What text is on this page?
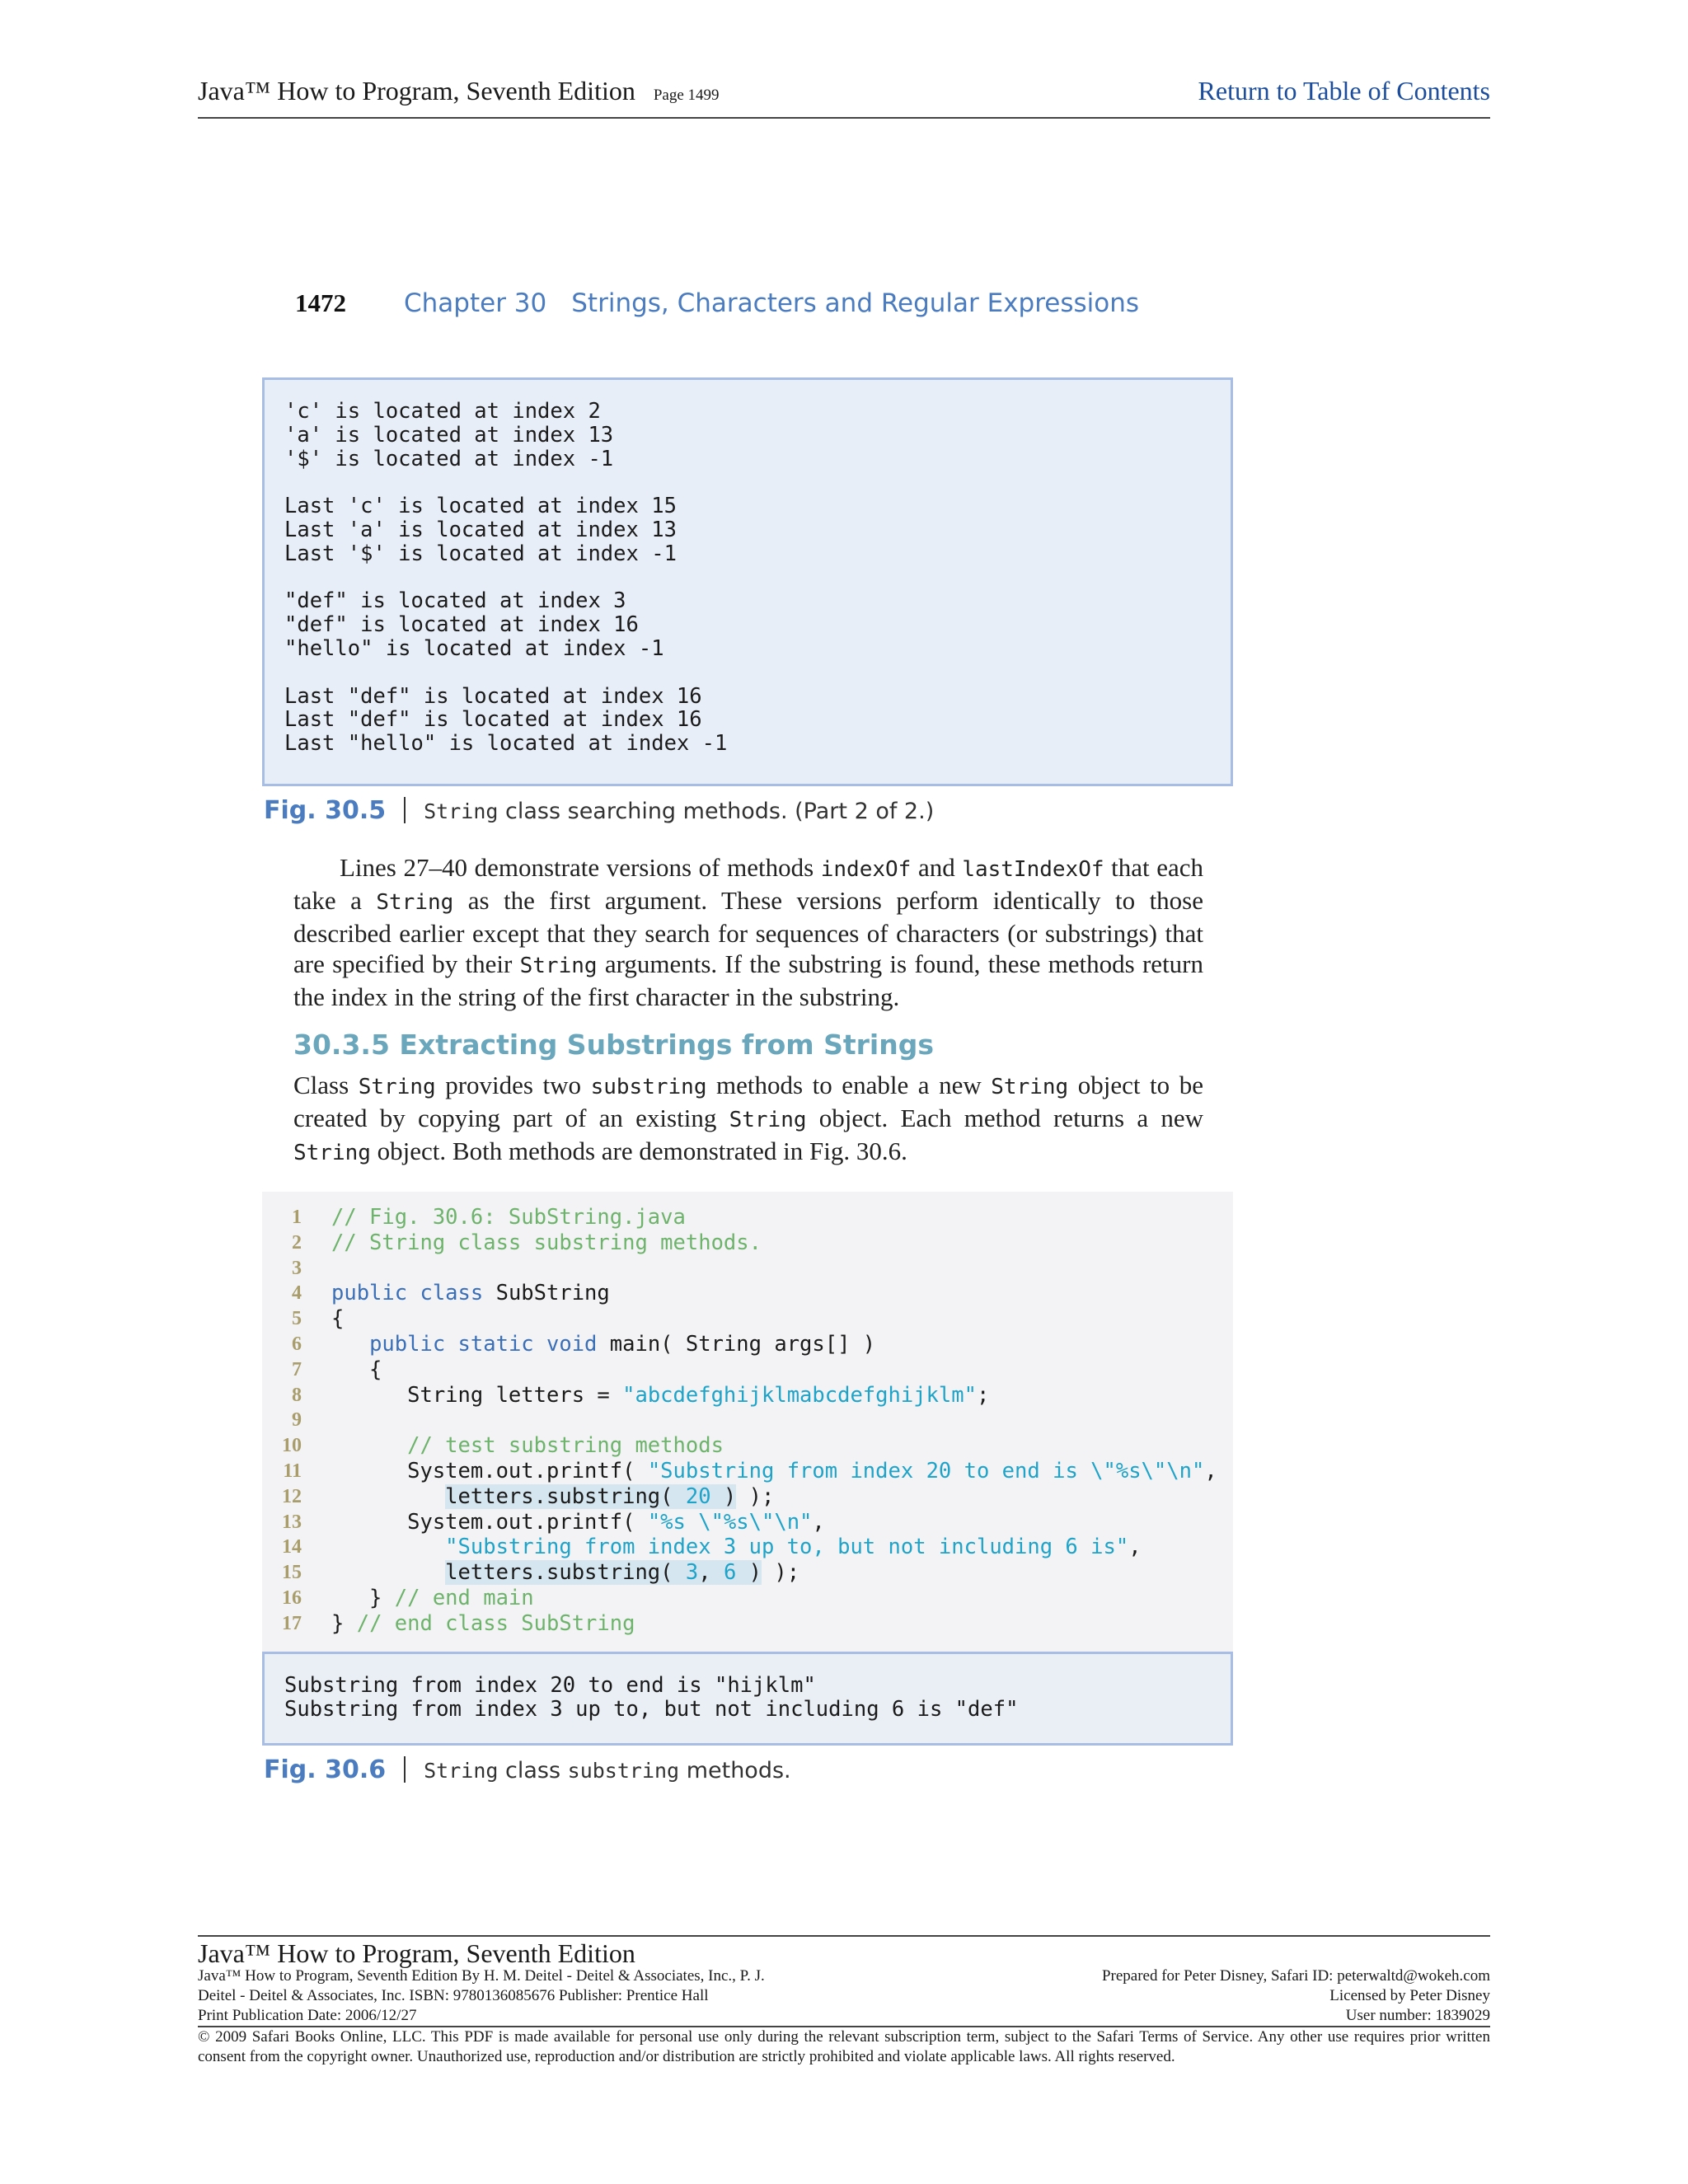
Java™ How to Program, Seventh Edition Page 1499	Return to Table of Contents
1472 Chapter 30 Strings, Characters and Regular Expressions
'c' is located at index 2
'a' is located at index 13
'$' is located at index -1
Last 'c' is located at index 15
Last 'a' is located at index 13
Last '$' is located at index -1
"def" is located at index 3
"def" is located at index 16
"hello" is located at index -1
Last "def" is located at index 16
Last "def" is located at index 16
Last "hello" is located at index -1
Fig. 30.5 String class searching methods. (Part 2 of 2.)
Lines 27–40 demonstrate versions of methods indexOf and lastIndexOf that each take a String as the first argument. These versions perform identically to those described earlier except that they search for sequences of characters (or substrings) that are specified by their String arguments. If the substring is found, these methods return the index in the string of the first character in the substring.
30.3.5 Extracting Substrings from Strings
Class String provides two substring methods to enable a new String object to be created by copying part of an existing String object. Each method returns a new String object. Both methods are demonstrated in Fig. 30.6.
1 // Fig. 30.6: SubString.java
2 // String class substring methods.
3
4 public class SubString
5 {
6	public static void main( String args[] )
7 {
8 String letters = "abcdefghijklmabcdefghijklm";
9
10 // test substring methods
11 System.out.printf( "Substring from index 20 to end is \"%s\"\n",
12	letters.substring( 20 ) );
13 System.out.printf( "%s \"%s\"\n",
14	"Substring from index 3 up to, but not including 6 is",
15	letters.substring( 3, 6 ) );
16 } // end main
17 } // end class SubString
Substring from index 20 to end is "hijklm"
Substring from index 3 up to, but not including 6 is "def"
Fig. 30.6 String class substring methods.
Java™ How to Program, Seventh Edition
Java™ How to Program, Seventh Edition By H. M. Deitel - Deitel & Associates, Inc., P. J.
Deitel - Deitel & Associates, Inc. ISBN: 9780136085676 Publisher: Prentice Hall
Print Publication Date: 2006/12/27
Prepared for Peter Disney, Safari ID: peterwaltd@wokeh.com
Licensed by Peter Disney
User number: 1839029
© 2009 Safari Books Online, LLC. This PDF is made available for personal use only during the relevant subscription term, subject to the Safari Terms of Service. Any other use requires prior written consent from the copyright owner. Unauthorized use, reproduction and/or distribution are strictly prohibited and violate applicable laws. All rights reserved.
